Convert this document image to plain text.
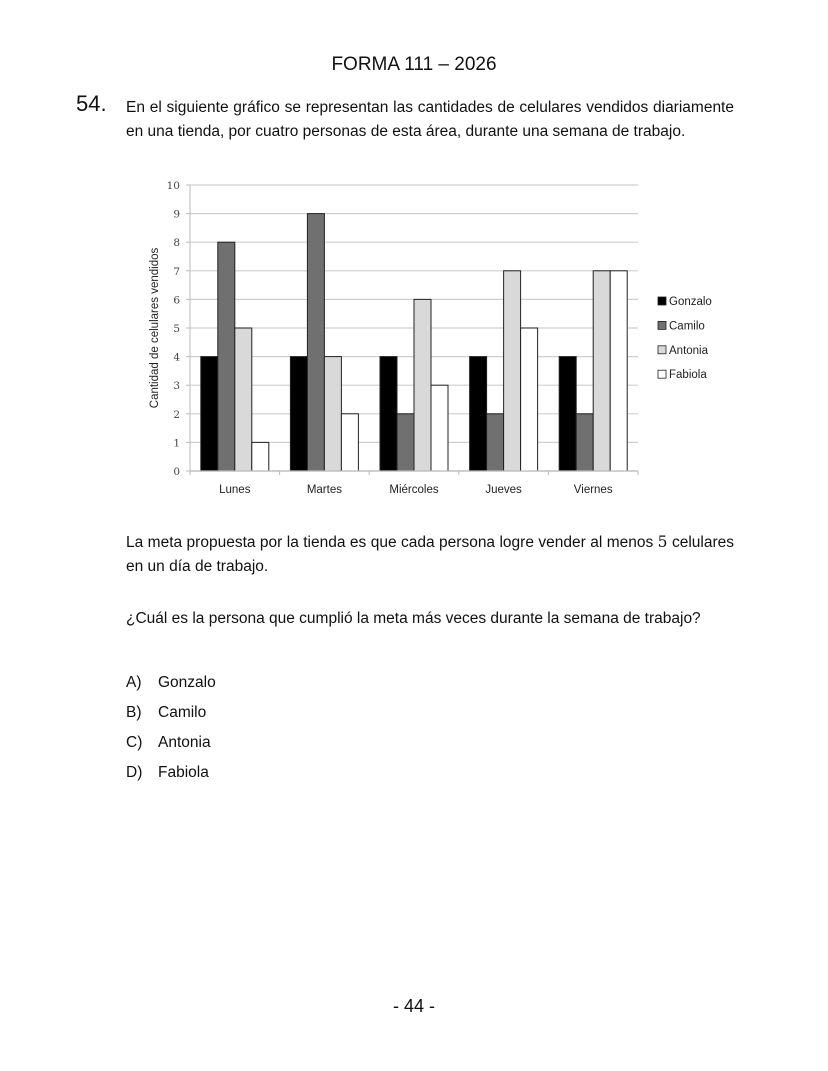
FORMA 111 – 2026
54. En el siguiente gráfico se representan las cantidades de celulares vendidos diariamente en una tienda, por cuatro personas de esta área, durante una semana de trabajo.
0
1
2
3
4
5
6
7
8
9
10
Cantidad de celulares vendidos
Lunes	Martes	Miércoles	Jueves	Viernes
Gonzalo
Camilo
Antonia
Fabiola
La meta propuesta por la tienda es que cada persona logre vender al menos 5 celulares en un día de trabajo.
¿Cuál es la persona que cumplió la meta más veces durante la semana de trabajo?
A)	Gonzalo
B)	Camilo
C)	Antonia
D)	Fabiola
- 44 -
